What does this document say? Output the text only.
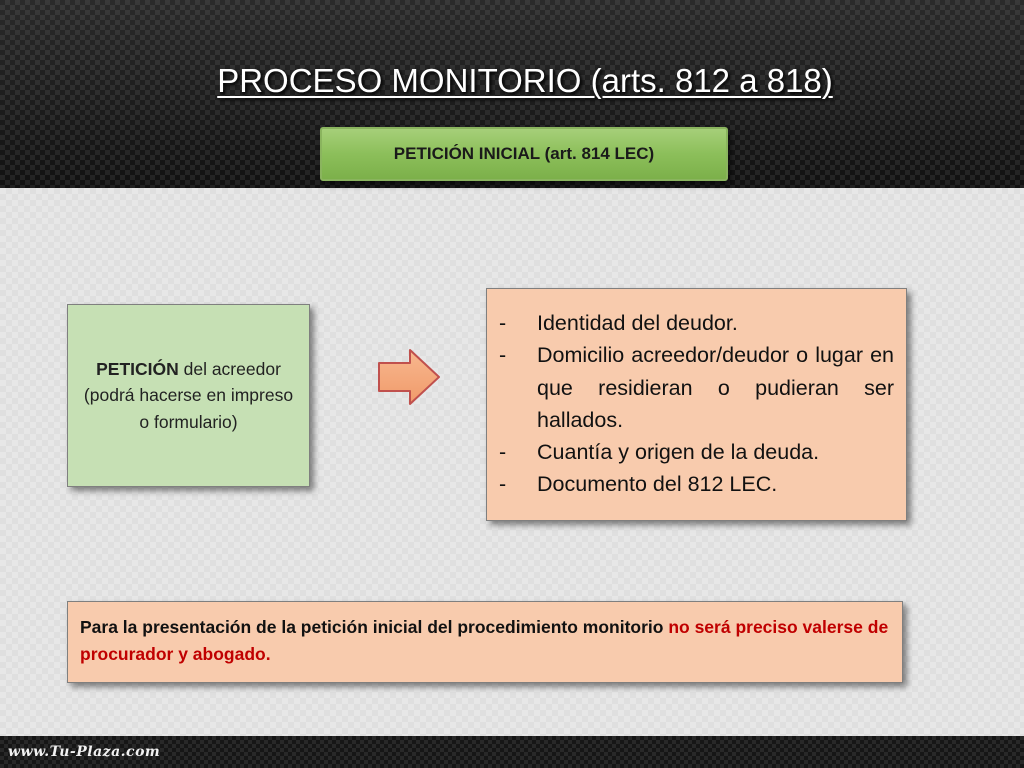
PROCESO MONITORIO (arts. 812 a 818)
PETICIÓN INICIAL (art. 814 LEC)
PETICIÓN del acreedor (podrá hacerse en impreso o formulario)
-	Identidad del deudor.
-	Domicilio acreedor/deudor o lugar en que residieran o pudieran ser hallados.
-	Cuantía y origen de la deuda.
-	Documento del 812 LEC.
Para la presentación de la petición inicial del procedimiento monitorio no será preciso valerse de procurador y abogado.
www.Tu-Plaza.com
